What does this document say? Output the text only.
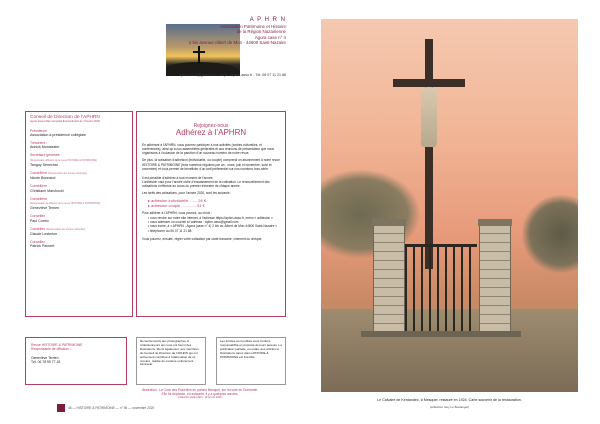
A P H R N
Association Patrimoine et Histoire
de la Région Nazairienne
Agora case n° 4
2 bis avenue Albert de Mun - 44600 Saint-Nazaire
aphrn.asso@gmail.com - https://aphrn-asso.fr - Tél. 06 07 11 21 88
Conseil de Direction de l’APHRN
(après Assemblée Générale Extraordinaire du 7 février 2020)
Présidence
Association à présidence collégiale
Trésorière :
Annick Montassier
Secrétaire générale
(Responsable diffusion de la revue HISTOIRE & PATRIMOINE)
Tanguy Sénéchal
Conseillère (Responsable des sorties culturelles)
Nicole Bonnaud
Conseillère
Christiane Marchocki
Conseillère
(Responsable de diffusion de la revue HISTOIRE & PATRIMOINE)
Geneviève Terrien
Conseiller
Paul Correc
Conseiller (Responsable des sorties culturelles)
Claude Lesterlon
Conseiller
Patrick Pauvert
Rejoignez-nous
Adhérez à l’APHRN

En adhérant à l’APHRN, vous pourrez participer à nos activités (sorties culturelles, et conférences), ainsi qu’à nos assemblées générales et aux réunions de présentation que nous organisons à l’occasion de la parution d’un nouveau numéro de notre revue.

De plus, la cotisation d’adhésion (individuelle, ou couple) comprend un abonnement à notre revue HISTOIRE & PATRIMOINE (trois numéros réguliers par an - mars, juin et novembre, suivi et novembre) et vous permet de bénéficier d’un tarif préférentiel sur nos numéros hors-série.

Il est possible d’adhérer à tout moment de l’année.

L’adhésion vaut pour l’année civile d’encaissement de la cotisation. Le renouvellement des cotisations s’effectue au cours du premier trimestre de chaque année.

Les tarifs des cotisations, pour l’année 2020, sont les suivants :

▸ adhésion individuelle ....... 26 €
▸ adhésion couple ............. 31 €

Pour adhérer à l’APHRN, vous pouvez, au choix :

• vous rendre sur notre site internet, à l’adresse https://aphrn-asso.fr, menu « adhésion »
• nous adresser un courriel à l’adresse : aphrn.asso@gmail.com
• nous écrire, à « APHRN - Agora (case n° 4) 2 bis av. Albert de Mun 44600 Saint-Nazaire »
• téléphoner au 06 07 11 21 88

Vous pourrez, ensuite, régler votre cotisation par carte bancaire, virement ou chèque.

Revue HISTOIRE & PATRIMOINE
Responsable de diffusion :
Geneviève Terrien
Tél. 06 78 95 77 18
Remerciements aux photographes et collectionneurs qui nous ont fourni des illustrations. Merci également, aux membres du Conseil de Direction de l’APHRN qui ont activement contribué à l’élaboration de ce numéro, réalisé de manière entièrement bénévole.
Les articles sont publiés sous l’entière responsabilité et propriété de leurs auteurs. La publication partielle, ou totale, des articles et illustrations parus dans HISTOIRE & PATRIMOINE est interdite.
Illustration : La Croix des Pionnilles en portant Mesquer, sur la route de Guérande.
Elle fut déplacée, et restaurée, il y a quelques années.
(collection particulière - photo de 2011)
46 — HISTOIRE & PATRIMOINE — n° 98 — novembre 2020
Le Calvaire de Kerdandec, à Mesquer, restauré en 1924. Carte souvenir de la restauration.
(collection Guy Le Boulanger)
